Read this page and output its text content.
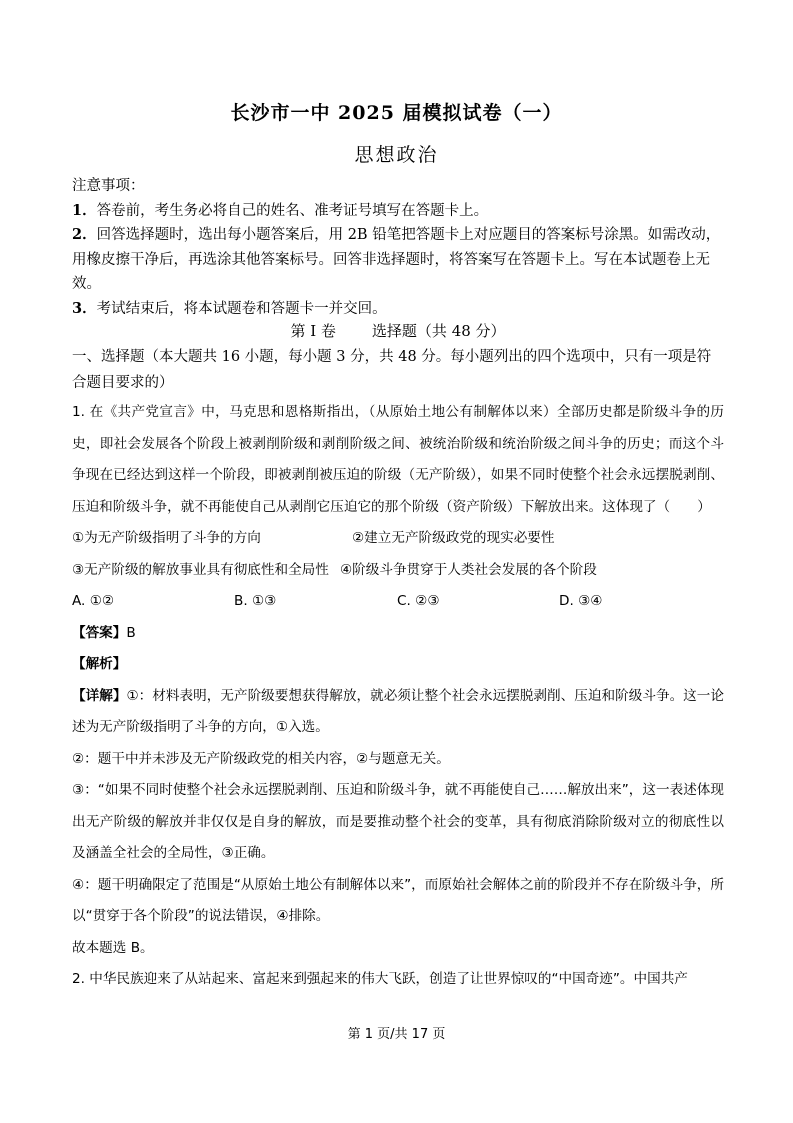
长沙市一中 2025 届模拟试卷（一）
思想政治

注意事项：

1．答卷前，考生务必将自己的姓名、准考证号填写在答题卡上。

2．回答选择题时，选出每小题答案后，用 2B 铅笔把答题卡上对应题目的答案标号涂黑。如需改动，用橡皮擦干净后，再选涂其他答案标号。回答非选择题时，将答案写在答题卡上。写在本试题卷上无效。

3．考试结束后，将本试题卷和答题卡一并交回。

第 I 卷 选择题（共 48 分）
一、选择题（本大题共 16 小题，每小题 3 分，共 48 分。每小题列出的四个选项中，只有一项是符合题目要求的）

1. 在《共产党宣言》中，马克思和恩格斯指出，（从原始土地公有制解体以来）全部历史都是阶级斗争的历史，即社会发展各个阶段上被剥削阶级和剥削阶级之间、被统治阶级和统治阶级之间斗争的历史；而这个斗争现在已经达到这样一个阶段，即被剥削被压迫的阶级（无产阶级），如果不同时使整个社会永远摆脱剥削、压迫和阶级斗争，就不再能使自己从剥削它压迫它的那个阶级（资产阶级）下解放出来。这体现了（　　）

①为无产阶级指明了斗争的方向	②建立无产阶级政党的现实必要性
③无产阶级的解放事业具有彻底性和全局性 ④阶级斗争贯穿于人类社会发展的各个阶段
A. ①②	B. ①③	C. ②③	D. ③④

【答案】B

【解析】

【详解】①：材料表明，无产阶级要想获得解放，就必须让整个社会永远摆脱剥削、压迫和阶级斗争。这一论述为无产阶级指明了斗争的方向，①入选。

②：题干中并未涉及无产阶级政党的相关内容，②与题意无关。

③：“如果不同时使整个社会永远摆脱剥削、压迫和阶级斗争，就不再能使自己……解放出来”，这一表述体现出无产阶级的解放并非仅仅是自身的解放，而是要推动整个社会的变革，具有彻底消除阶级对立的彻底性以及涵盖全社会的全局性，③正确。

④：题干明确限定了范围是“从原始土地公有制解体以来”，而原始社会解体之前的阶段并不存在阶级斗争，所以“贯穿于各个阶段”的说法错误，④排除。

故本题选 B。

2. 中华民族迎来了从站起来、富起来到强起来的伟大飞跃，创造了让世界惊叹的“中国奇迹”。中国共产

第 1 页/共 17 页
